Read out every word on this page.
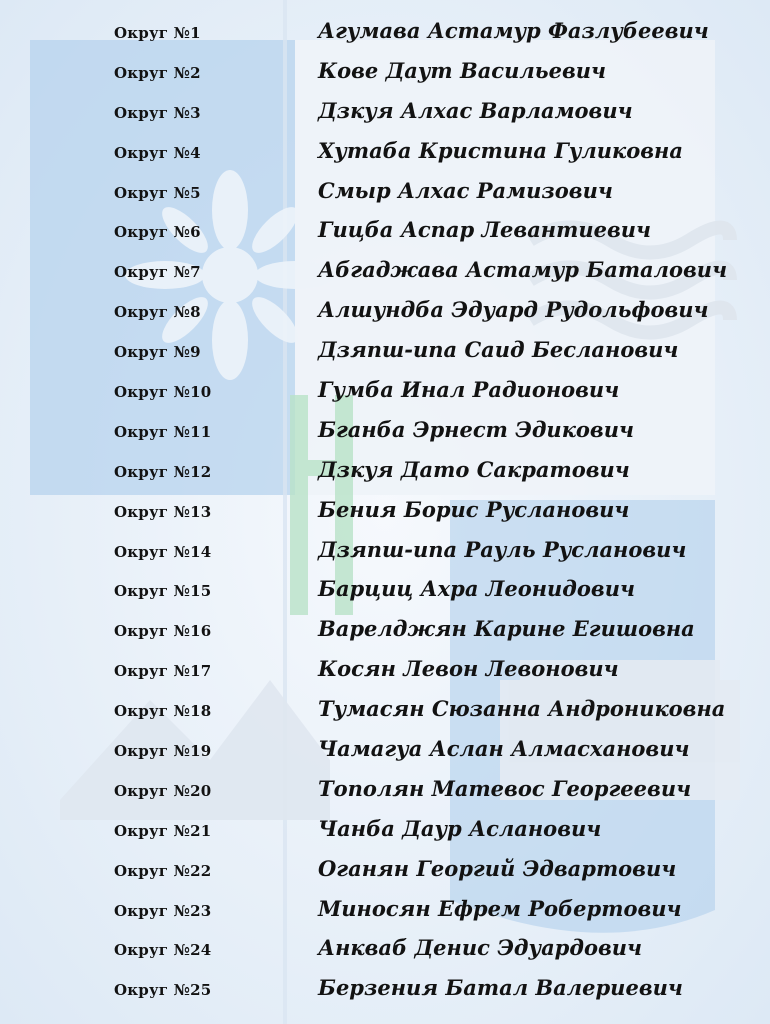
Округ №1	Агумава Астамур Фазлубеевич
Округ №2	Кове Даут Васильевич
Округ №3	Дзкуя Алхас Варламович
Округ №4	Хутаба Кристина Гуликовна
Округ №5	Смыр Алхас Рамизович
Округ №6	Гицба Аспар Левантиевич
Округ №7	Абгаджава Астамур Баталович
Округ №8	Алшундба Эдуард Рудольфович
Округ №9	Дзяпш-ипа Саид Бесланович
Округ №10	Гумба Инал Радионович
Округ №11	Бганба Эрнест Эдикович
Округ №12	Дзкуя Дато Сакратович
Округ №13	Бения Борис Русланович
Округ №14	Дзяпш-ипа Рауль Русланович
Округ №15	Барциц Ахра Леонидович
Округ №16	Варелджян Карине Егишовна
Округ №17	Косян Левон Левонович
Округ №18	Тумасян Сюзанна Андрониковна
Округ №19	Чамагуа Аслан Алмасханович
Округ №20	Тополян Матевос Георгеевич
Округ №21	Чанба Даур Асланович
Округ №22	Оганян Георгий Эдвартович
Округ №23	Миносян Ефрем Робертович
Округ №24	Анкваб Денис Эдуардович
Округ №25	Берзения Батал Валериевич
